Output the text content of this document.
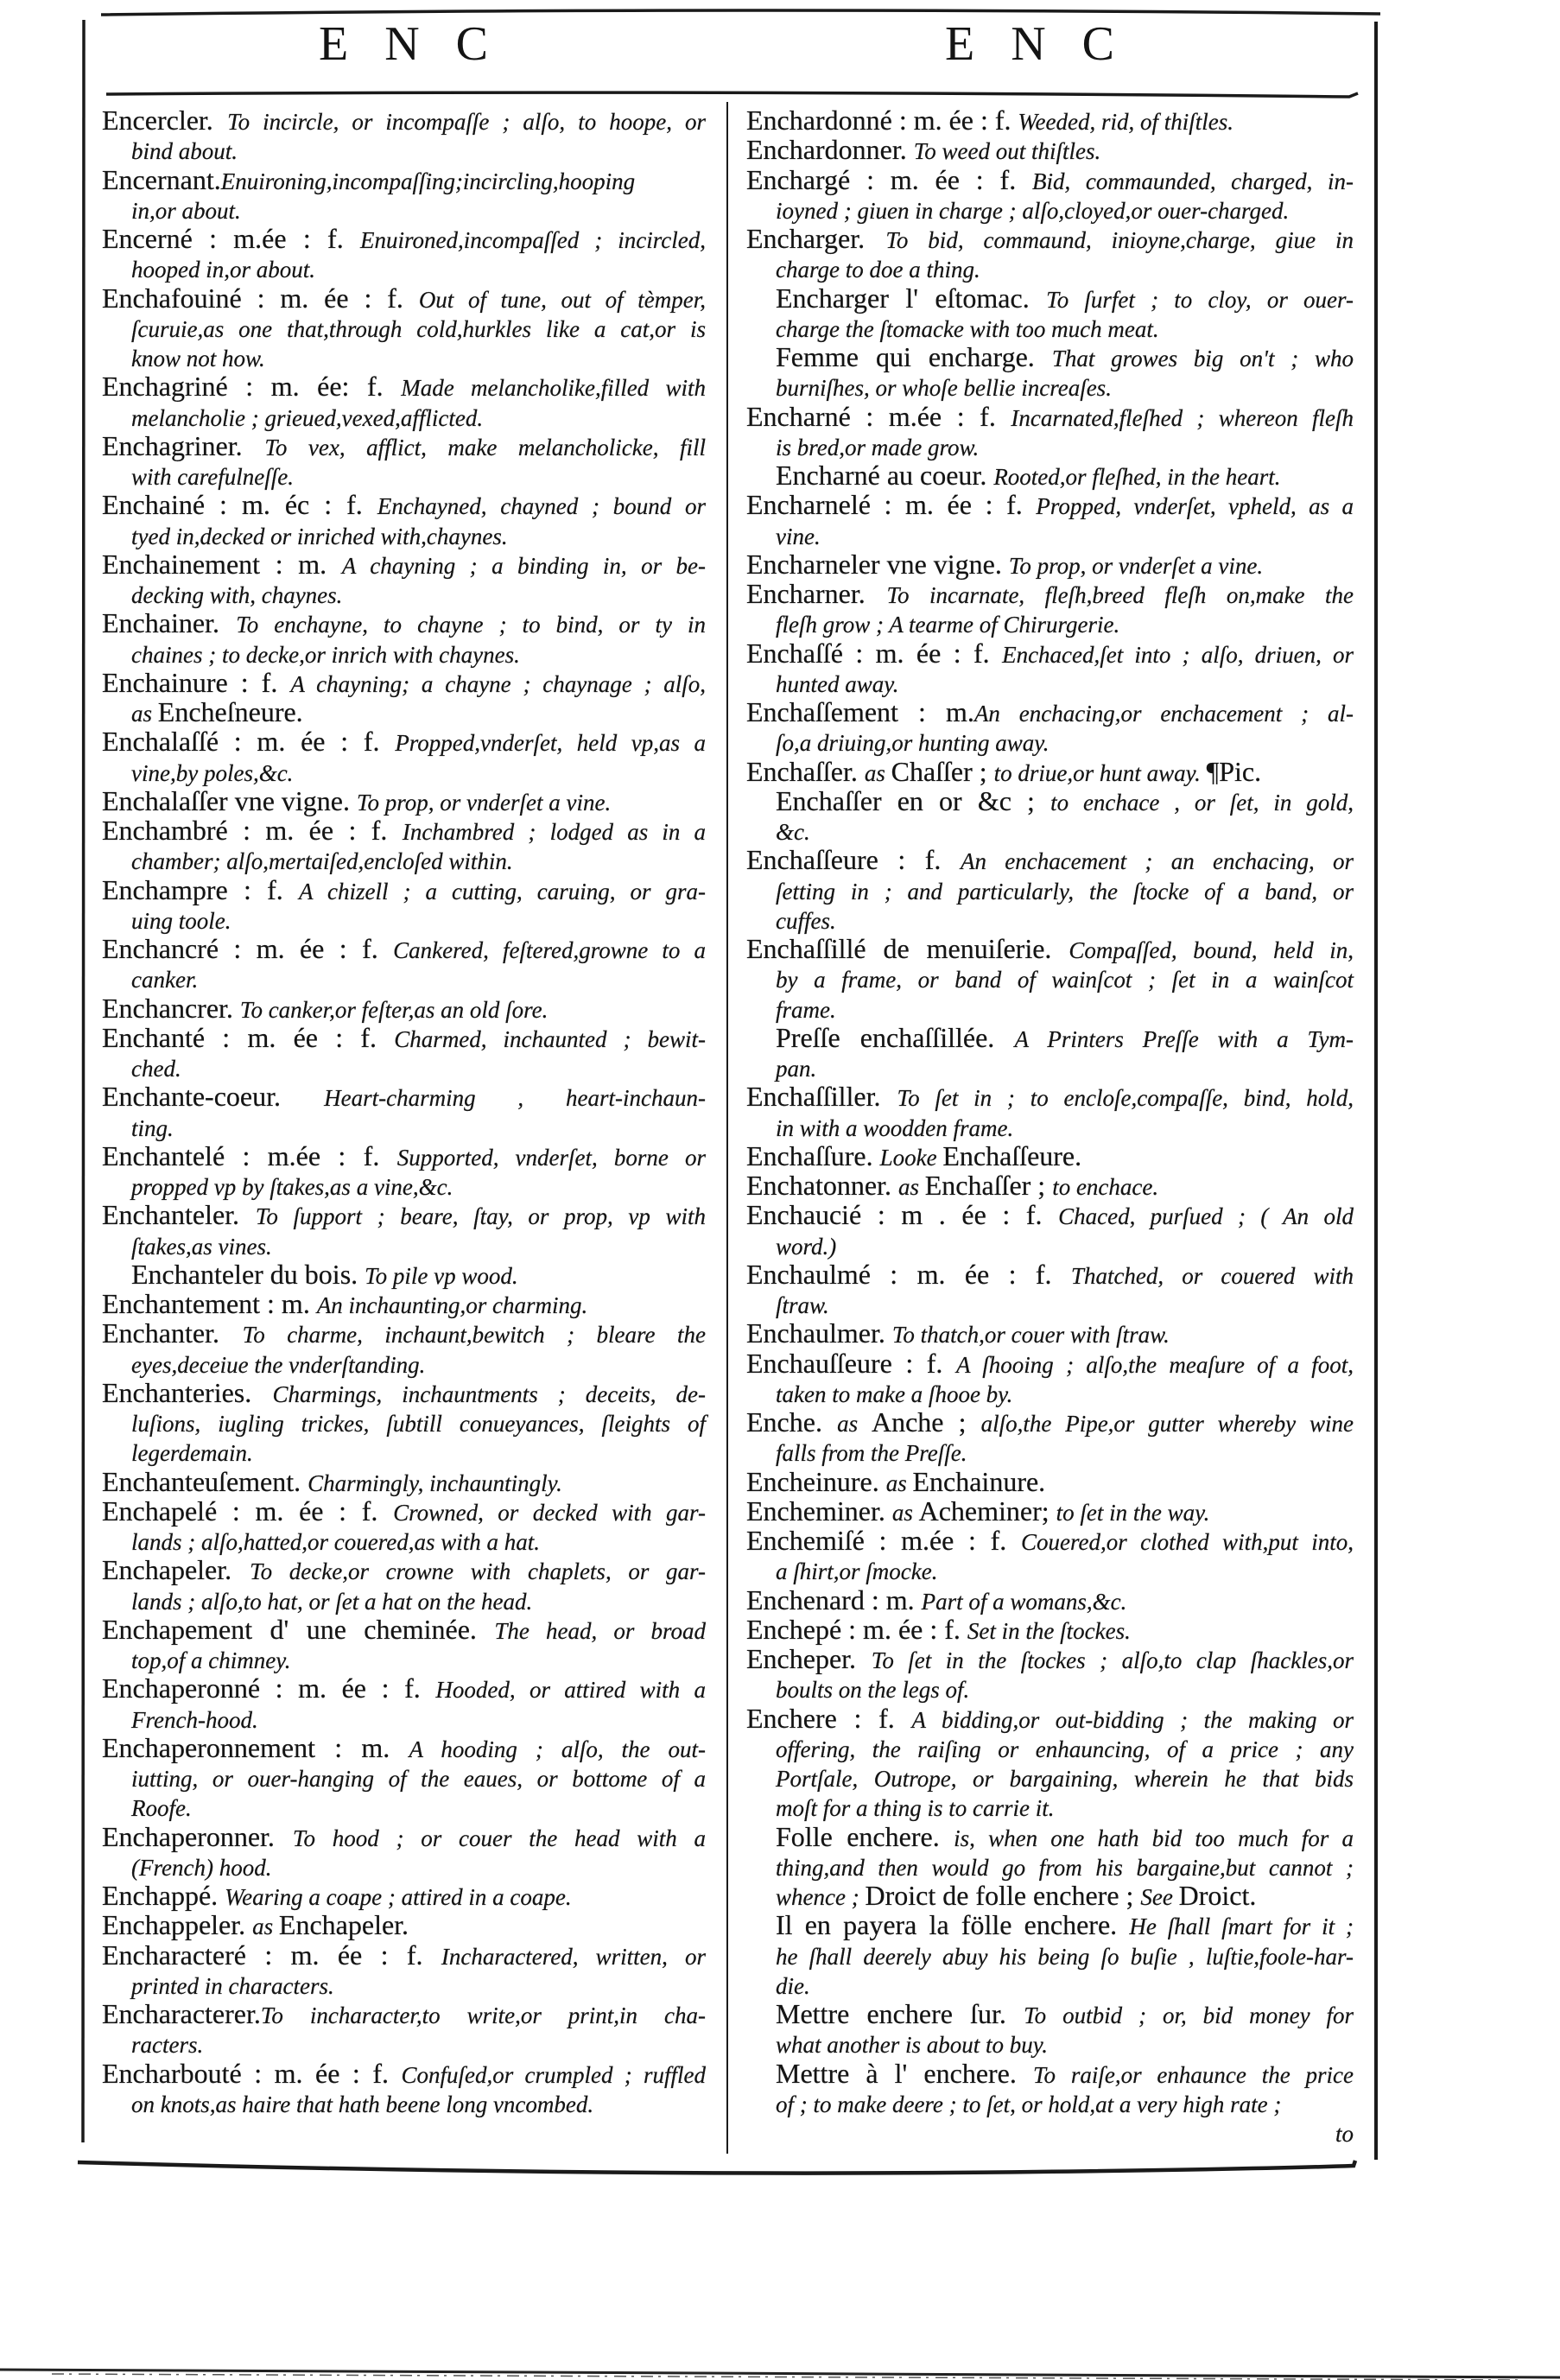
E N C	E N C
Encercler. To incircle, or incompaſſe ; alſo, to hoope, or
bind about.
Encernant.Enuironing,incompaſſing;incircling,hooping
in,or about.
Encerné : m.ée : f. Enuironed,incompaſſed ; incircled,
hooped in,or about.
Enchafouiné : m. ée : f. Out of tune, out of tèmper,
ſcuruie,as one that,through cold,hurkles like a cat,or is
know not how.
Enchagriné : m. ée: f. Made melancholike,filled with
melancholie ; grieued,vexed,afflicted.
Enchagriner. To vex, afflict, make melancholicke, fill
with carefulneſſe.
Enchainé : m. éc : f. Enchayned, chayned ; bound or
tyed in,decked or inriched with,chaynes.
Enchainement : m. A chayning ; a binding in, or be-
decking with, chaynes.
Enchainer. To enchayne, to chayne ; to bind, or ty in
chaines ; to decke,or inrich with chaynes.
Enchainure : f. A chayning; a chayne ; chaynage ; alſo,
as Encheſneure.
Enchalaſſé : m. ée : f. Propped,vnderſet, held vp,as a
vine,by poles,&c.
Enchalaſſer vne vigne. To prop, or vnderſet a vine.
Enchambré : m. ée : f. Inchambred ; lodged as in a
chamber; alſo,mertaiſed,encloſed within.
Enchampre : f. A chizell ; a cutting, caruing, or gra-
uing toole.
Enchancré : m. ée : f. Cankered, feſtered,growne to a
canker.
Enchancrer. To canker,or feſter,as an old ſore.
Enchanté : m. ée : f. Charmed, inchaunted ; bewit-
ched.
Enchante-coeur. Heart-charming , heart-inchaun-
ting.
Enchantelé : m.ée : f. Supported, vnderſet, borne or
propped vp by ſtakes,as a vine,&c.
Enchanteler. To ſupport ; beare, ſtay, or prop, vp with
ſtakes,as vines.
Enchanteler du bois. To pile vp wood.
Enchantement : m. An inchaunting,or charming.
Enchanter. To charme, inchaunt,bewitch ; bleare the
eyes,deceiue the vnderſtanding.
Enchanteries. Charmings, inchauntments ; deceits, de-
luſions, iugling trickes, ſubtill conueyances, ſleights of
legerdemain.
Enchanteuſement. Charmingly, inchauntingly.
Enchapelé : m. ée : f. Crowned, or decked with gar-
lands ; alſo,hatted,or couered,as with a hat.
Enchapeler. To decke,or crowne with chaplets, or gar-
lands ; alſo,to hat, or ſet a hat on the head.
Enchapement d' une cheminée. The head, or broad
top,of a chimney.
Enchaperonné : m. ée : f. Hooded, or attired with a
French-hood.
Enchaperonnement : m. A hooding ; alſo, the out-
iutting, or ouer-hanging of the eaues, or bottome of a
Roofe.
Enchaperonner. To hood ; or couer the head with a
(French) hood.
Enchappé. Wearing a coape ; attired in a coape.
Enchappeler. as Enchapeler.
Encharacteré : m. ée : f. Incharactered, written, or
printed in characters.
Encharacterer.To incharacter,to write,or print,in cha-
racters.
Encharbouté : m. ée : f. Confuſed,or crumpled ; ruffled
on knots,as haire that hath beene long vncombed.
Enchardonné : m. ée : f. Weeded, rid, of thiſtles.
Enchardonner. To weed out thiſtles.
Enchargé : m. ée : f. Bid, commaunded, charged, in-
ioyned ; giuen in charge ; alſo,cloyed,or ouer-charged.
Encharger. To bid, commaund, inioyne,charge, giue in
charge to doe a thing.
Encharger l' eſtomac. To ſurfet ; to cloy, or ouer-
charge the ſtomacke with too much meat.
Femme qui encharge. That growes big on't ; who
burniſhes, or whoſe bellie increaſes.
Encharné : m.ée : f. Incarnated,fleſhed ; whereon fleſh
is bred,or made grow.
Encharné au coeur. Rooted,or fleſhed, in the heart.
Encharnelé : m. ée : f. Propped, vnderſet, vpheld, as a
vine.
Encharneler vne vigne. To prop, or vnderſet a vine.
Encharner. To incarnate, fleſh,breed fleſh on,make the
fleſh grow ; A tearme of Chirurgerie.
Enchaſſé : m. ée : f. Enchaced,ſet into ; alſo, driuen, or
hunted away.
Enchaſſement : m.An enchacing,or enchacement ; al-
ſo,a driuing,or hunting away.
Enchaſſer. as Chaſſer ; to driue,or hunt away. ¶Pic.
Enchaſſer en or &c ; to enchace , or ſet, in gold,
&c.
Enchaſſeure : f. An enchacement ; an enchacing, or
ſetting in ; and particularly, the ſtocke of a band, or
cuffes.
Enchaſſillé de menuiſerie. Compaſſed, bound, held in,
by a frame, or band of wainſcot ; ſet in a wainſcot
frame.
Preſſe enchaſſillée. A Printers Preſſe with a Tym-
pan.
Enchaſſiller. To ſet in ; to encloſe,compaſſe, bind, hold,
in with a woodden frame.
Enchaſſure. Looke Enchaſſeure.
Enchatonner. as Enchaſſer ; to enchace.
Enchaucié : m . ée : f. Chaced, purſued ; ( An old
word.)
Enchaulmé : m. ée : f. Thatched, or couered with
ſtraw.
Enchaulmer. To thatch,or couer with ſtraw.
Enchauſſeure : f. A ſhooing ; alſo,the meaſure of a foot,
taken to make a ſhooe by.
Enche. as Anche ; alſo,the Pipe,or gutter whereby wine
falls from the Preſſe.
Encheinure. as Enchainure.
Encheminer. as Acheminer; to ſet in the way.
Enchemiſé : m.ée : f. Couered,or clothed with,put into,
a ſhirt,or ſmocke.
Enchenard : m. Part of a womans,&c.
Enchepé : m. ée : f. Set in the ſtockes.
Encheper. To ſet in the ſtockes ; alſo,to clap ſhackles,or
boults on the legs of.
Enchere : f. A bidding,or out-bidding ; the making or
offering, the raiſing or enhauncing, of a price ; any
Portſale, Outrope, or bargaining, wherein he that bids
moſt for a thing is to carrie it.
Folle enchere. is, when one hath bid too much for a
thing,and then would go from his bargaine,but cannot ;
whence ; Droict de folle enchere ; See Droict.
Il en payera la fölle enchere. He ſhall ſmart for it ;
he ſhall deerely abuy his being ſo buſie , luſtie,foole-har-
die.
Mettre enchere ſur. To outbid ; or, bid money for
what another is about to buy.
Mettre à l' enchere. To raiſe,or enhaunce the price
of ; to make deere ; to ſet, or hold,at a very high rate ;
to
